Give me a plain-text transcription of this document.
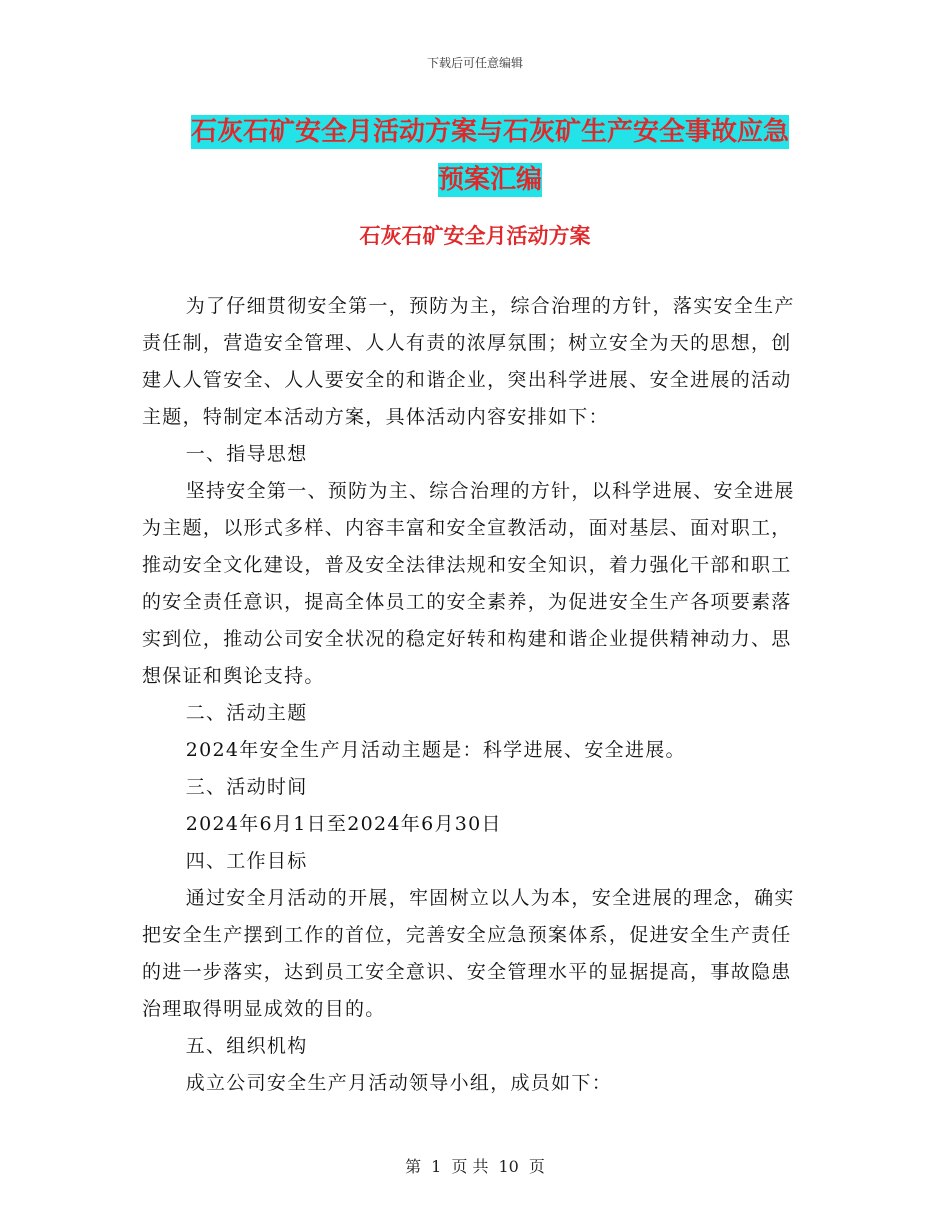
下载后可任意编辑
石灰石矿安全月活动方案与石灰矿生产安全事故应急
预案汇编
石灰石矿安全月活动方案

为了仔细贯彻安全第一，预防为主，综合治理的方针，落实安全生产责任制，营造安全管理、人人有责的浓厚氛围；树立安全为天的思想，创建人人管安全、人人要安全的和谐企业，突出科学进展、安全进展的活动主题，特制定本活动方案，具体活动内容安排如下：

一、指导思想

坚持安全第一、预防为主、综合治理的方针，以科学进展、安全进展为主题，以形式多样、内容丰富和安全宣教活动，面对基层、面对职工，推动安全文化建设，普及安全法律法规和安全知识，着力强化干部和职工的安全责任意识，提高全体员工的安全素养，为促进安全生产各项要素落实到位，推动公司安全状况的稳定好转和构建和谐企业提供精神动力、思想保证和舆论支持。

二、活动主题

2024年安全生产月活动主题是：科学进展、安全进展。

三、活动时间

2024年6月1日至2024年6月30日

四、工作目标

通过安全月活动的开展，牢固树立以人为本，安全进展的理念，确实把安全生产摆到工作的首位，完善安全应急预案体系，促进安全生产责任的进一步落实，达到员工安全意识、安全管理水平的显据提高，事故隐患治理取得明显成效的目的。

五、组织机构

成立公司安全生产月活动领导小组，成员如下：

第 1 页 共 10 页
